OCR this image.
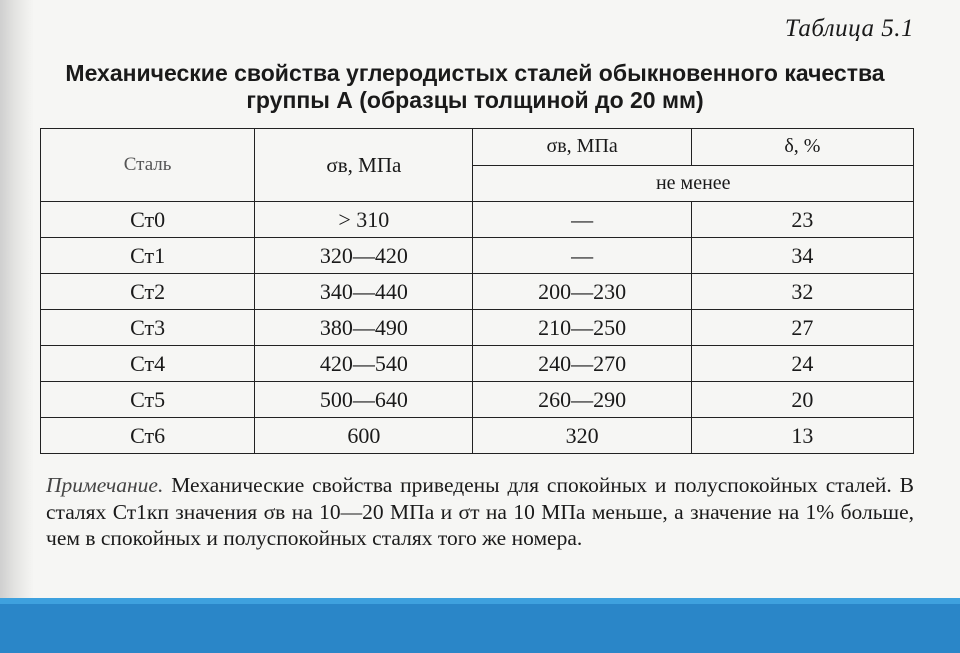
Таблица 5.1
Механические свойства углеродистых сталей обыкновенного качества
группы А (образцы толщиной до 20 мм)
Сталь	σв, МПа	σв, МПа	δ, %
		не менее	
Ст0	> 310	—	23
Ст1	320—420	—	34
Ст2	340—440	200—230	32
Ст3	380—490	210—250	27
Ст4	420—540	240—270	24
Ст5	500—640	260—290	20
Ст6	600	320	13
Примечание. Механические свойства приведены для спокойных и полуспокойных сталей. В сталях Ст1кп значения σв на 10—20 МПа и σт на 10 МПа меньше, а значение на 1% больше, чем в спокойных и полуспокойных сталях того же номера.
